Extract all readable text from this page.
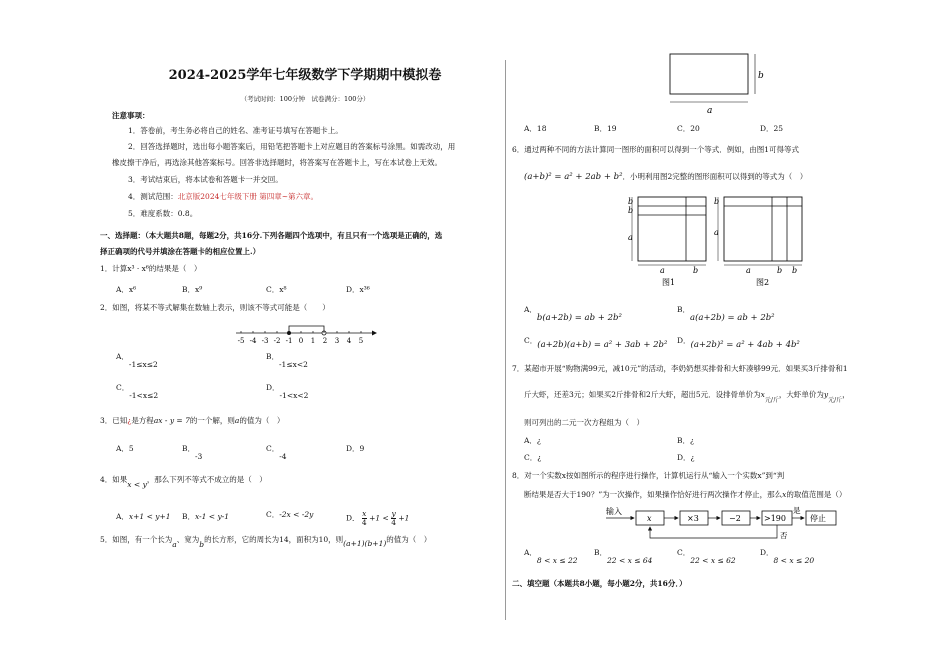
2024-2025学年七年级数学下学期期中模拟卷
（考试时间：100分钟　试卷满分：100分）
注意事项：
1．答卷前，考生务必将自己的姓名、准考证号填写在答题卡上。
2．回答选择题时，选出每小题答案后，用铅笔把答题卡上对应题目的答案标号涂黑。如需改动，用
橡皮擦干净后，再选涂其他答案标号。回答非选择题时，将答案写在答题卡上，写在本试卷上无效。
3．考试结束后，将本试卷和答题卡一并交回。
4．测试范围：北京版2024七年级下册 第四章~第六章。
5．难度系数：0.8。
一、选择题：（本大题共8题，每题2分，共16分.下列各题四个选项中，有且只有一个选项是正确的，选
择正确项的代号并填涂在答题卡的相应位置上.）
1．计算x³ · x⁶的结果是（　）
A．x⁶	B．x⁹	C．x⁸	D．x³⁶
2．如图，将某不等式解集在数轴上表示，则该不等式可能是（　　）
-5 -4 -3 -2 -1 0 1 2 3 4 5
A．-1≤x≤2
B．-1≤x<2
C．-1<x≤2
D．-1<x<2
3．已知¿是方程ax - y = 7的一个解，则a的值为（　）
A．5	B．-3
C．-4
D．9
4．如果x < y，那么下列不等式不成立的是（　）
A．x+1 < y+1 B．x-1 < y-1	C．-2x < -2y	D． $\frac{x}{4} +1 < \frac{y}{4} +1$
5．如图，有一个长为a、宽为b的长方形，它的周长为14，面积为10，则(a+1)(b+1)的值为（　）
b
a
A．18	B．19	C．20	D．25
6．通过两种不同的方法计算同一图形的面积可以得到一个等式．例如，由图1可得等式
(a+b)² = a² + 2ab + b²．小明利用图2完整的图形面积可以得到的等式为（　）
b
b
a
a	b
图1
b
a
a	b b
图2
A．b(a+2b) = ab + 2b²
B．a(a+2b) = ab + 2b²
C．(a+2b)(a+b) = a² + 3ab + 2b² D．(a+2b)² = a² + 4ab + 4b²
7．某超市开展“购物满99元，减10元”的活动，李奶奶想买排骨和大虾凑够99元．如果买3斤排骨和1
斤大虾，还差3元；如果买2斤排骨和2斤大虾，超出5元．设排骨单价为$x_{元/斤}$，大虾单价为$y_{元/斤}$，
则可列出的二元一次方程组为（　）
A．¿	B．¿
C．¿	D．¿
8．对一个实数x按如图所示的程序进行操作，计算机运行从“输入一个实数x”到“判
断结果是否大于190？”为一次操作，如果操作恰好进行两次操作才停止，那么x的取值范围是（）
输入
x	×3	−2	>190
是
停止
否
A．8 < x ≤ 22
B．22 < x ≤ 64
C．22 < x ≤ 62
D．8 < x ≤ 20
二、填空题（本题共8小题，每小题2分，共16分．）
